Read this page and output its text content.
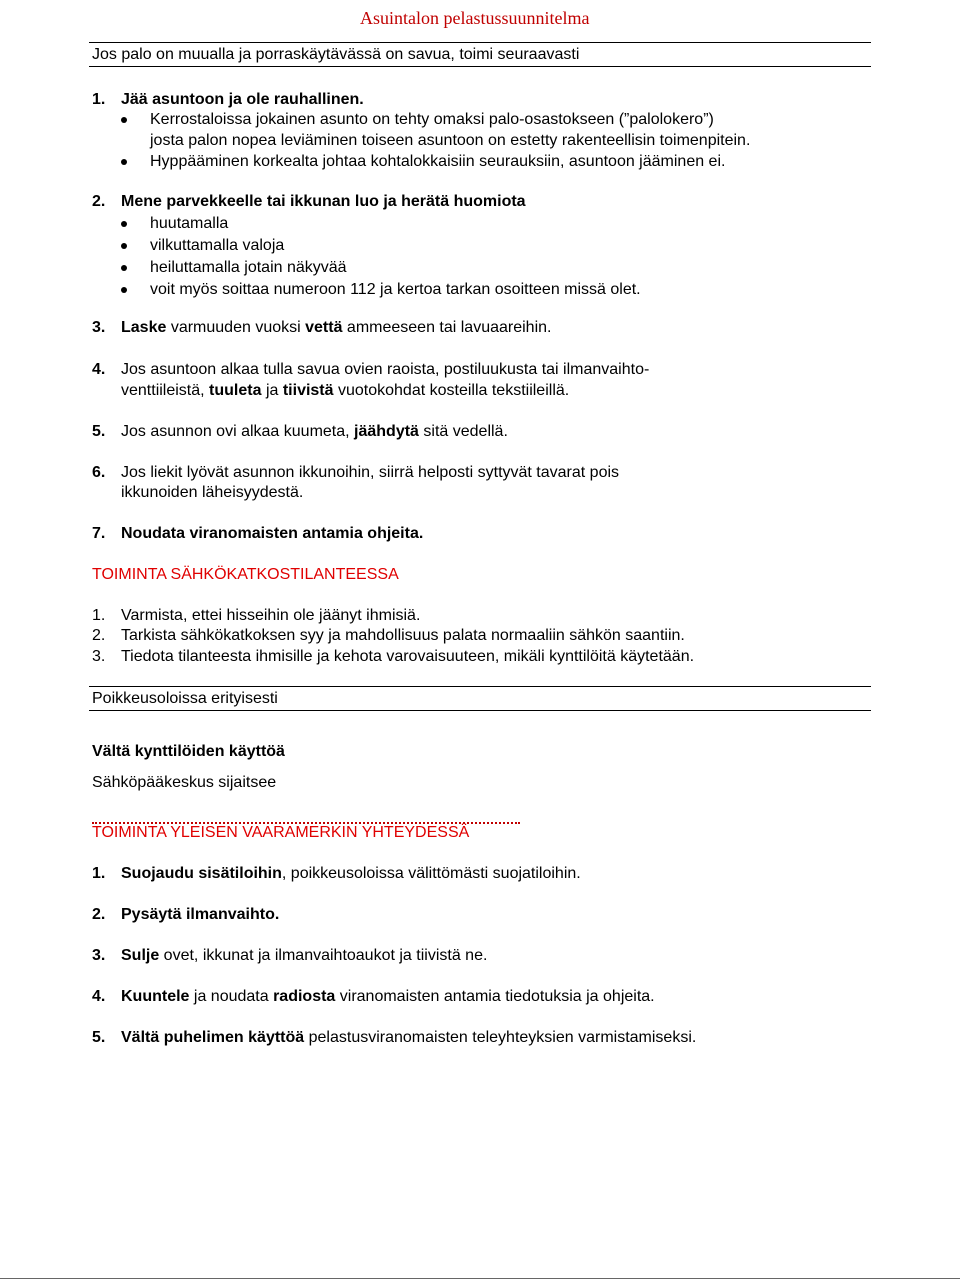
Asuintalon pelastussuunnitelma
Jos palo on muualla ja porraskäytävässä on savua, toimi seuraavasti
1. Jää asuntoon ja ole rauhallinen.
Kerrostaloissa jokainen asunto on tehty omaksi palo-osastokseen (”palolokero”)
josta palon nopea leviäminen toiseen asuntoon on estetty rakenteellisin toimenpitein.
Hyppääminen korkealta johtaa kohtalokkaisiin seurauksiin, asuntoon jääminen ei.
2. Mene parvekkeelle tai ikkunan luo ja herätä huomiota
huutamalla
vilkuttamalla valoja
heiluttamalla jotain näkyvää
voit myös soittaa numeroon 112 ja kertoa tarkan osoitteen missä olet.
3. Laske varmuuden vuoksi vettä ammeeseen tai lavuaareihin.
4. Jos asuntoon alkaa tulla savua ovien raoista, postiluukusta tai ilmanvaihto-
venttiileistä, tuuleta ja tiivistä vuotokohdat kosteilla tekstiileillä.
5. Jos asunnon ovi alkaa kuumeta, jäähdytä sitä vedellä.
6. Jos liekit lyövät asunnon ikkunoihin, siirrä helposti syttyvät tavarat pois
ikkunoiden läheisyydestä.
7. Noudata viranomaisten antamia ohjeita.
TOIMINTA SÄHKÖKATKOSTILANTEESSA
1. Varmista, ettei hisseihin ole jäänyt ihmisiä.
2. Tarkista sähkökatkoksen syy ja mahdollisuus palata normaaliin sähkön saantiin.
3. Tiedota tilanteesta ihmisille ja kehota varovaisuuteen, mikäli kynttilöitä käytetään.
Poikkeusoloissa erityisesti
Vältä kynttilöiden käyttöä
Sähköpääkeskus sijaitsee
TOIMINTA YLEISEN VAARAMERKIN YHTEYDESSÄ
1. Suojaudu sisätiloihin, poikkeusoloissa välittömästi suojatiloihin.
2. Pysäytä ilmanvaihto.
3. Sulje ovet, ikkunat ja ilmanvaihtoaukot ja tiivistä ne.
4. Kuuntele ja noudata radiosta viranomaisten antamia tiedotuksia ja ohjeita.
5. Vältä puhelimen käyttöä pelastusviranomaisten teleyhteyksien varmistamiseksi.
